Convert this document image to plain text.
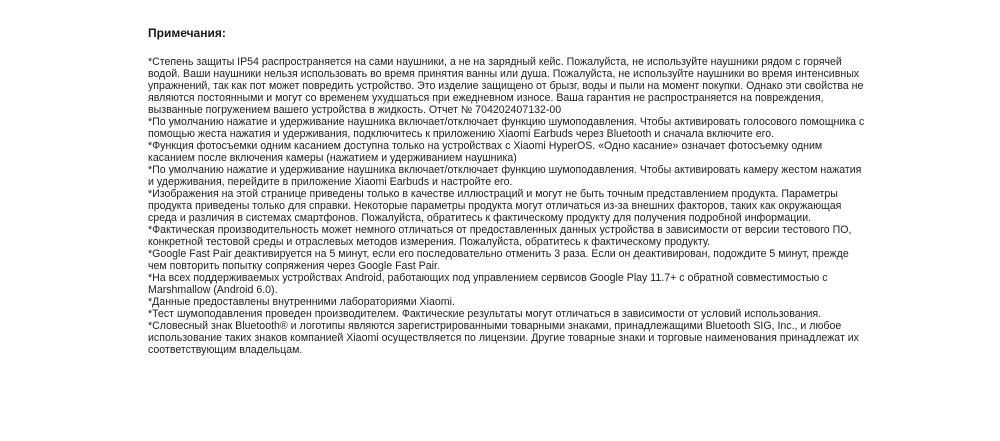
Примечания:
*Степень защиты IP54 распространяется на сами наушники, а не на зарядный кейс. Пожалуйста, не используйте наушники рядом с горячей водой. Ваши наушники нельзя использовать во время принятия ванны или душа. Пожалуйста, не используйте наушники во время интенсивных упражнений, так как пот может повредить устройство. Это изделие защищено от брызг, воды и пыли на момент покупки. Однако эти свойства не являются постоянными и могут со временем ухудшаться при ежедневном износе. Ваша гарантия не распространяется на повреждения, вызванные погружением вашего устройства в жидкость. Отчет № 704202407132-00
*По умолчанию нажатие и удерживание наушника включает/отключает функцию шумоподавления. Чтобы активировать голосового помощника с помощью жеста нажатия и удерживания, подключитесь к приложению Xiaomi Earbuds через Bluetooth и сначала включите его.
*Функция фотосъемки одним касанием доступна только на устройствах с Xiaomi HyperOS. «Одно касание» означает фотосъемку одним касанием после включения камеры (нажатием и удерживанием наушника)
*По умолчанию нажатие и удерживание наушника включает/отключает функцию шумоподавления. Чтобы активировать камеру жестом нажатия и удерживания, перейдите в приложение Xiaomi Earbuds и настройте его.
*Изображения на этой странице приведены только в качестве иллюстраций и могут не быть точным представлением продукта. Параметры продукта приведены только для справки. Некоторые параметры продукта могут отличаться из-за внешних факторов, таких как окружающая среда и различия в системах смартфонов. Пожалуйста, обратитесь к фактическому продукту для получения подробной информации.
*Фактическая производительность может немного отличаться от предоставленных данных устройства в зависимости от версии тестового ПО, конкретной тестовой среды и отраслевых методов измерения. Пожалуйста, обратитесь к фактическому продукту.
*Google Fast Pair деактивируется на 5 минут, если его последовательно отменить 3 раза. Если он деактивирован, подождите 5 минут, прежде чем повторить попытку сопряжения через Google Fast Pair.
*На всех поддерживаемых устройствах Android, работающих под управлением сервисов Google Play 11.7+ с обратной совместимостью с Marshmallow (Android 6.0).
*Данные предоставлены внутренними лабораториями Xiaomi.
*Тест шумоподавления проведен производителем. Фактические результаты могут отличаться в зависимости от условий использования.
*Словесный знак Bluetooth® и логотипы являются зарегистрированными товарными знаками, принадлежащими Bluetooth SIG, Inc., и любое использование таких знаков компанией Xiaomi осуществляется по лицензии. Другие товарные знаки и торговые наименования принадлежат их соответствующим владельцам.
